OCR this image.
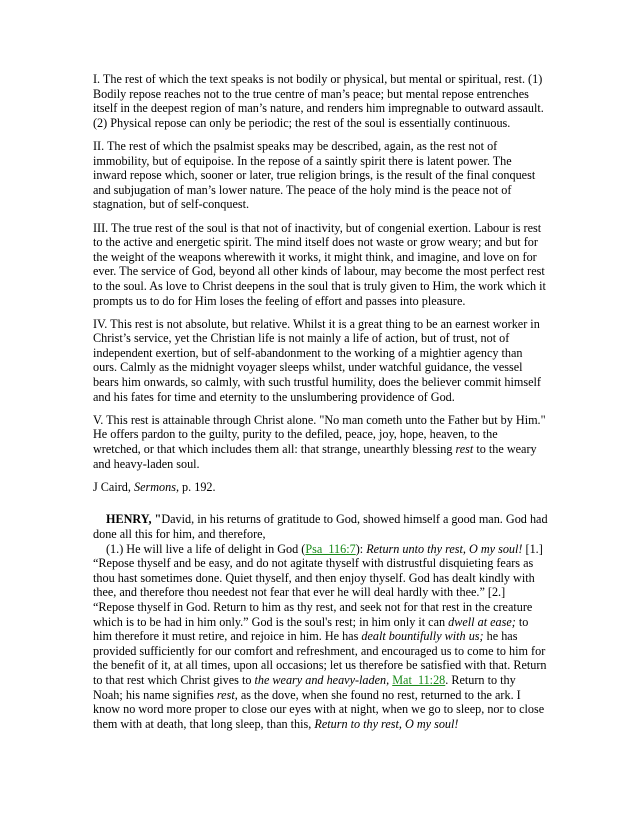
I. The rest of which the text speaks is not bodily or physical, but mental or spiritual, rest. (1) Bodily repose reaches not to the true centre of man’s peace; but mental repose entrenches itself in the deepest region of man’s nature, and renders him impregnable to outward assault. (2) Physical repose can only be periodic; the rest of the soul is essentially continuous.

II. The rest of which the psalmist speaks may be described, again, as the rest not of immobility, but of equipoise. In the repose of a saintly spirit there is latent power. The inward repose which, sooner or later, true religion brings, is the result of the final conquest and subjugation of man’s lower nature. The peace of the holy mind is the peace not of stagnation, but of self-conquest.

III. The true rest of the soul is that not of inactivity, but of congenial exertion. Labour is rest to the active and energetic spirit. The mind itself does not waste or grow weary; and but for the weight of the weapons wherewith it works, it might think, and imagine, and love on for ever. The service of God, beyond all other kinds of labour, may become the most perfect rest to the soul. As love to Christ deepens in the soul that is truly given to Him, the work which it prompts us to do for Him loses the feeling of effort and passes into pleasure.

IV. This rest is not absolute, but relative. Whilst it is a great thing to be an earnest worker in Christ’s service, yet the Christian life is not mainly a life of action, but of trust, not of independent exertion, but of self-abandonment to the working of a mightier agency than ours. Calmly as the midnight voyager sleeps whilst, under watchful guidance, the vessel bears him onwards, so calmly, with such trustful humility, does the believer commit himself and his fates for time and eternity to the unslumbering providence of God.

V. This rest is attainable through Christ alone. "No man cometh unto the Father but by Him." He offers pardon to the guilty, purity to the defiled, peace, joy, hope, heaven, to the wretched, or that which includes them all: that strange, unearthly blessing rest to the weary and heavy-laden soul.

J Caird, Sermons, p. 192.

HENRY, "David, in his returns of gratitude to God, showed himself a good man. God had done all this for him, and therefore,

(1.) He will live a life of delight in God (Psa_116:7): Return unto thy rest, O my soul! [1.] “Repose thyself and be easy, and do not agitate thyself with distrustful disquieting fears as thou hast sometimes done. Quiet thyself, and then enjoy thyself. God has dealt kindly with thee, and therefore thou needest not fear that ever he will deal hardly with thee.” [2.] “Repose thyself in God. Return to him as thy rest, and seek not for that rest in the creature which is to be had in him only.” God is the soul's rest; in him only it can dwell at ease; to him therefore it must retire, and rejoice in him. He has dealt bountifully with us; he has provided sufficiently for our comfort and refreshment, and encouraged us to come to him for the benefit of it, at all times, upon all occasions; let us therefore be satisfied with that. Return to that rest which Christ gives to the weary and heavy-laden, Mat_11:28. Return to thy Noah; his name signifies rest, as the dove, when she found no rest, returned to the ark. I know no word more proper to close our eyes with at night, when we go to sleep, nor to close them with at death, that long sleep, than this, Return to thy rest, O my soul!
